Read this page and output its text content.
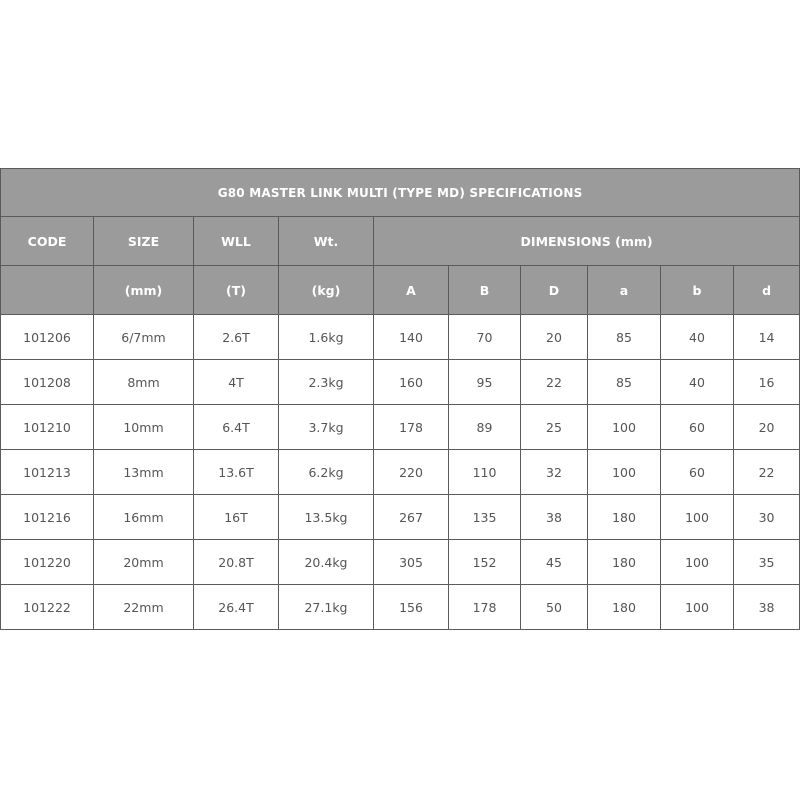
G80 MASTER LINK MULTI (TYPE MD) SPECIFICATIONS									
CODE	SIZE	WLL	Wt.	DIMENSIONS (mm)					
	(mm)	(T)	(kg)	A	B	D	a	b	d
101206	6/7mm	2.6T	1.6kg	140	70	20	85	40	14
101208	8mm	4T	2.3kg	160	95	22	85	40	16
101210	10mm	6.4T	3.7kg	178	89	25	100	60	20
101213	13mm	13.6T	6.2kg	220	110	32	100	60	22
101216	16mm	16T	13.5kg	267	135	38	180	100	30
101220	20mm	20.8T	20.4kg	305	152	45	180	100	35
101222	22mm	26.4T	27.1kg	156	178	50	180	100	38
